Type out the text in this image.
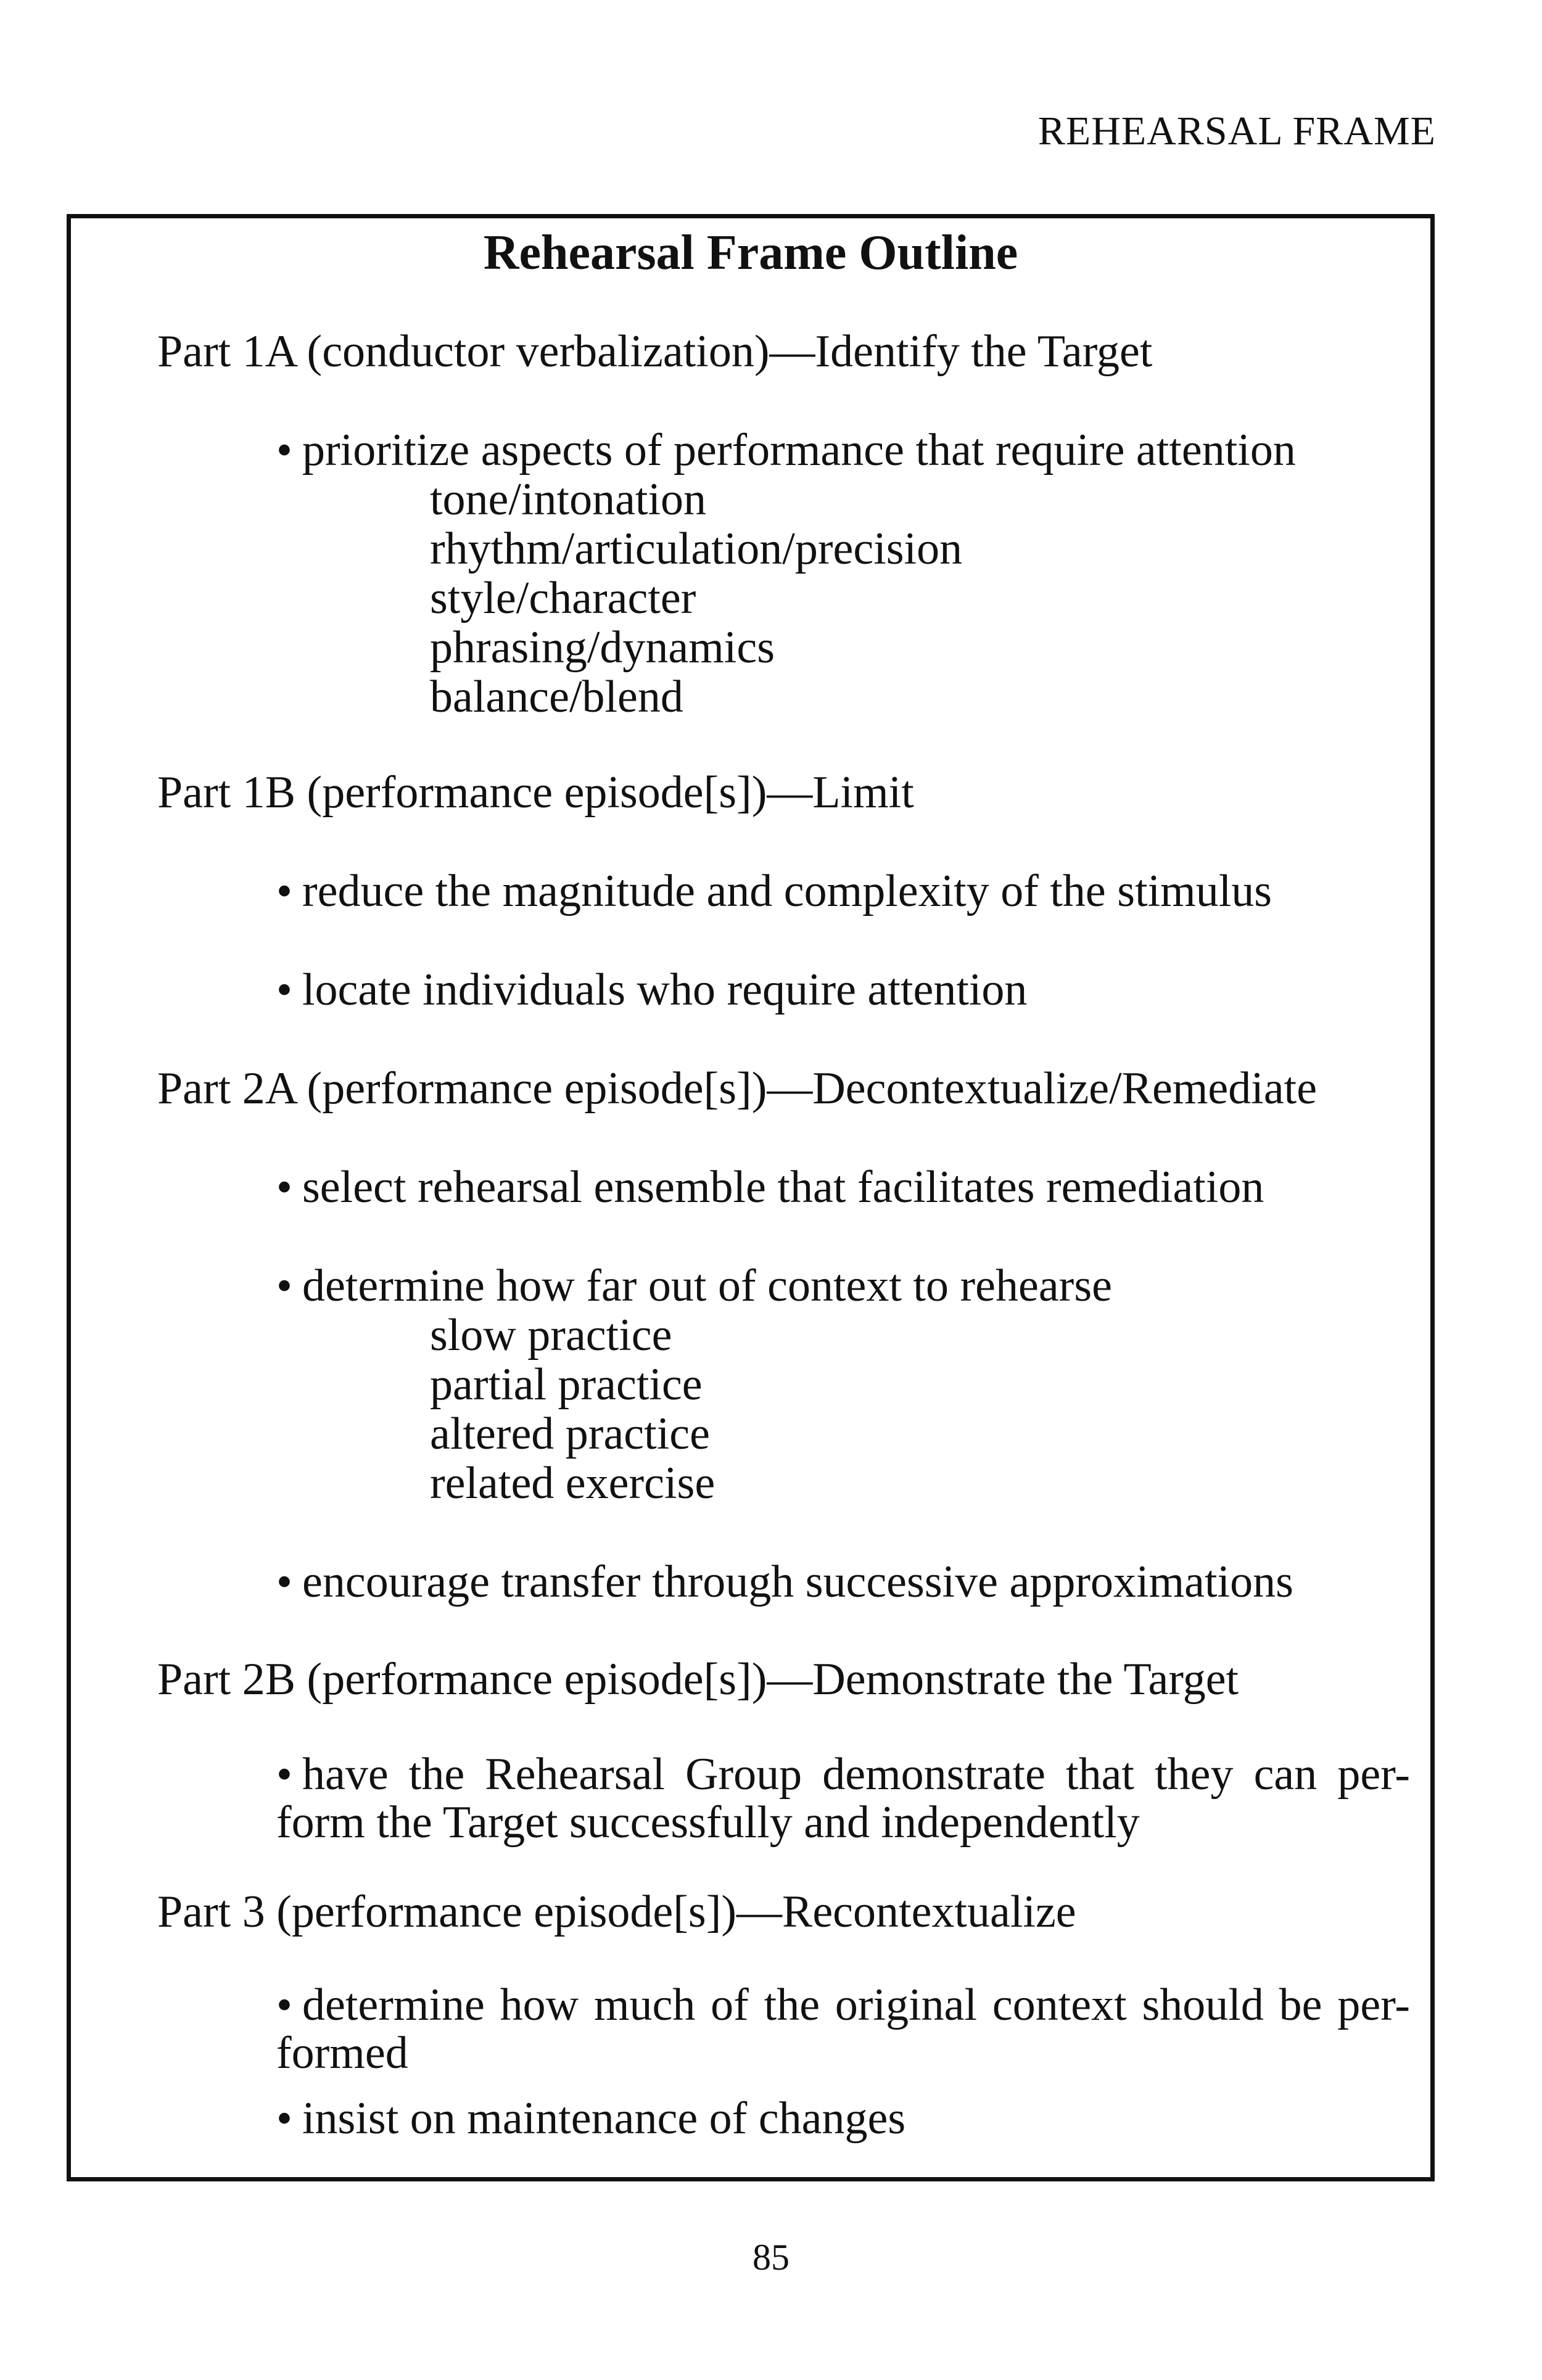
REHEARSAL FRAME
Rehearsal Frame Outline
Part 1A (conductor verbalization)—Identify the Target
• prioritize aspects of performance that require attention
tone/intonation
rhythm/articulation/precision
style/character
phrasing/dynamics
balance/blend
Part 1B (performance episode[s])—Limit
• reduce the magnitude and complexity of the stimulus
• locate individuals who require attention
Part 2A (performance episode[s])—Decontextualize/Remediate
• select rehearsal ensemble that facilitates remediation
• determine how far out of context to rehearse
slow practice
partial practice
altered practice
related exercise
• encourage transfer through successive approximations
Part 2B (performance episode[s])—Demonstrate the Target
• have the Rehearsal Group demonstrate that they can per-form the Target successfully and independently
Part 3 (performance episode[s])—Recontextualize
• determine how much of the original context should be per-formed
• insist on maintenance of changes
85
